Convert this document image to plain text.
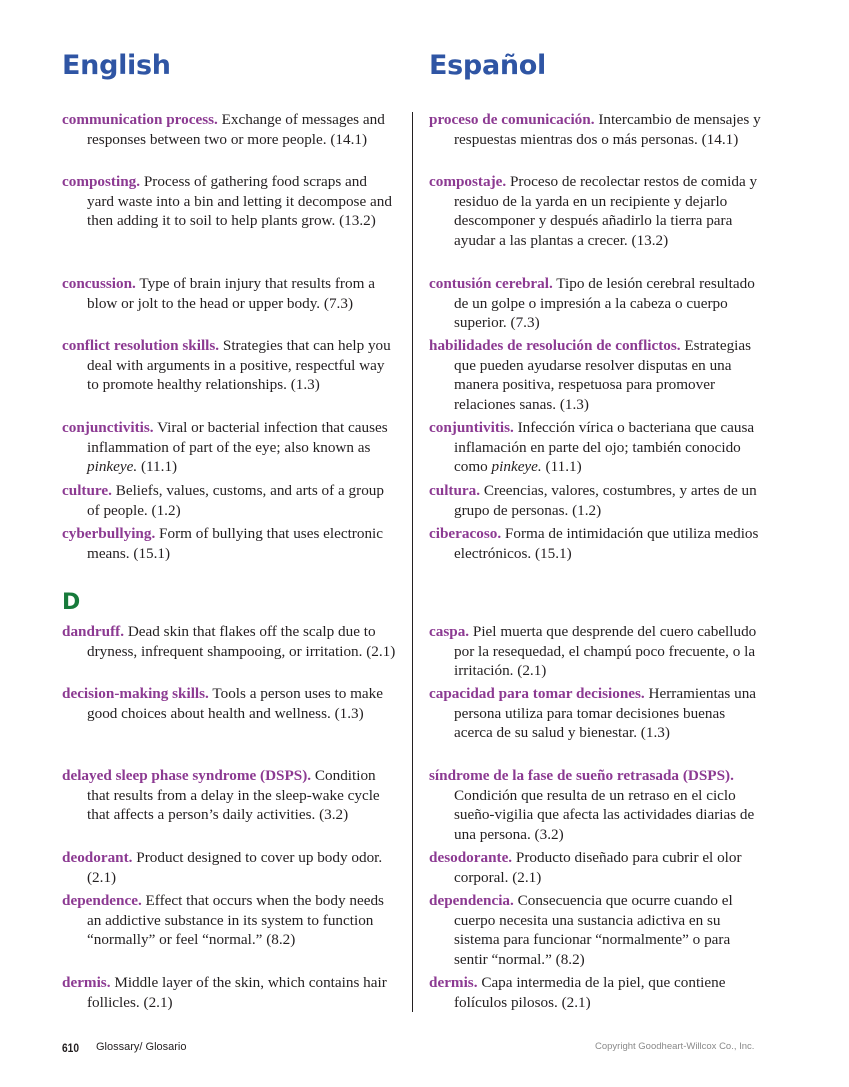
English	Español
D
communication process. Exchange of messages and responses between two or more people. (14.1)
proceso de comunicación. Intercambio de mensajes y respuestas mientras dos o más personas. (14.1)
composting. Process of gathering food scraps and yard waste into a bin and letting it decompose and then adding it to soil to help plants grow. (13.2)
compostaje. Proceso de recolectar restos de comida y residuo de la yarda en un recipiente y dejarlo descomponer y después añadirlo la tierra para ayudar a las plantas a crecer. (13.2)
concussion. Type of brain injury that results from a blow or jolt to the head or upper body. (7.3)
contusión cerebral. Tipo de lesión cerebral resultado de un golpe o impresión a la cabeza o cuerpo superior. (7.3)
conflict resolution skills. Strategies that can help you deal with arguments in a positive, respectful way to promote healthy relationships. (1.3)
habilidades de resolución de conflictos. Estrategias que pueden ayudarse resolver disputas en una manera positiva, respetuosa para promover relaciones sanas. (1.3)
conjunctivitis. Viral or bacterial infection that causes inflammation of part of the eye; also known as pinkeye. (11.1)
conjuntivitis. Infección vírica o bacteriana que causa inflamación en parte del ojo; también conocido como pinkeye. (11.1)
culture. Beliefs, values, customs, and arts of a group of people. (1.2)
cultura. Creencias, valores, costumbres, y artes de un grupo de personas. (1.2)
cyberbullying. Form of bullying that uses electronic means. (15.1)
ciberacoso. Forma de intimidación que utiliza medios electrónicos. (15.1)
dandruff. Dead skin that flakes off the scalp due to dryness, infrequent shampooing, or irritation. (2.1)
caspa. Piel muerta que desprende del cuero cabelludo por la resequedad, el champú poco frecuente, o la irritación. (2.1)
decision-making skills. Tools a person uses to make good choices about health and wellness. (1.3)
capacidad para tomar decisiones. Herramientas una persona utiliza para tomar decisiones buenas acerca de su salud y bienestar. (1.3)
delayed sleep phase syndrome (DSPS). Condition that results from a delay in the sleep-wake cycle that affects a person’s daily activities. (3.2)
síndrome de la fase de sueño retrasada (DSPS). Condición que resulta de un retraso en el ciclo sueño-vigilia que afecta las actividades diarias de una persona. (3.2)
deodorant. Product designed to cover up body odor. (2.1)
desodorante. Producto diseñado para cubrir el olor corporal. (2.1)
dependence. Effect that occurs when the body needs an addictive substance in its system to function “normally” or feel “normal.” (8.2)
dependencia. Consecuencia que ocurre cuando el cuerpo necesita una sustancia adictiva en su sistema para funcionar “normalmente” o para sentir “normal.” (8.2)
dermis. Middle layer of the skin, which contains hair follicles. (2.1)
dermis. Capa intermedia de la piel, que contiene folículos pilosos. (2.1)
610 Glossary/ Glosario	Copyright Goodheart-Willcox Co., Inc.
